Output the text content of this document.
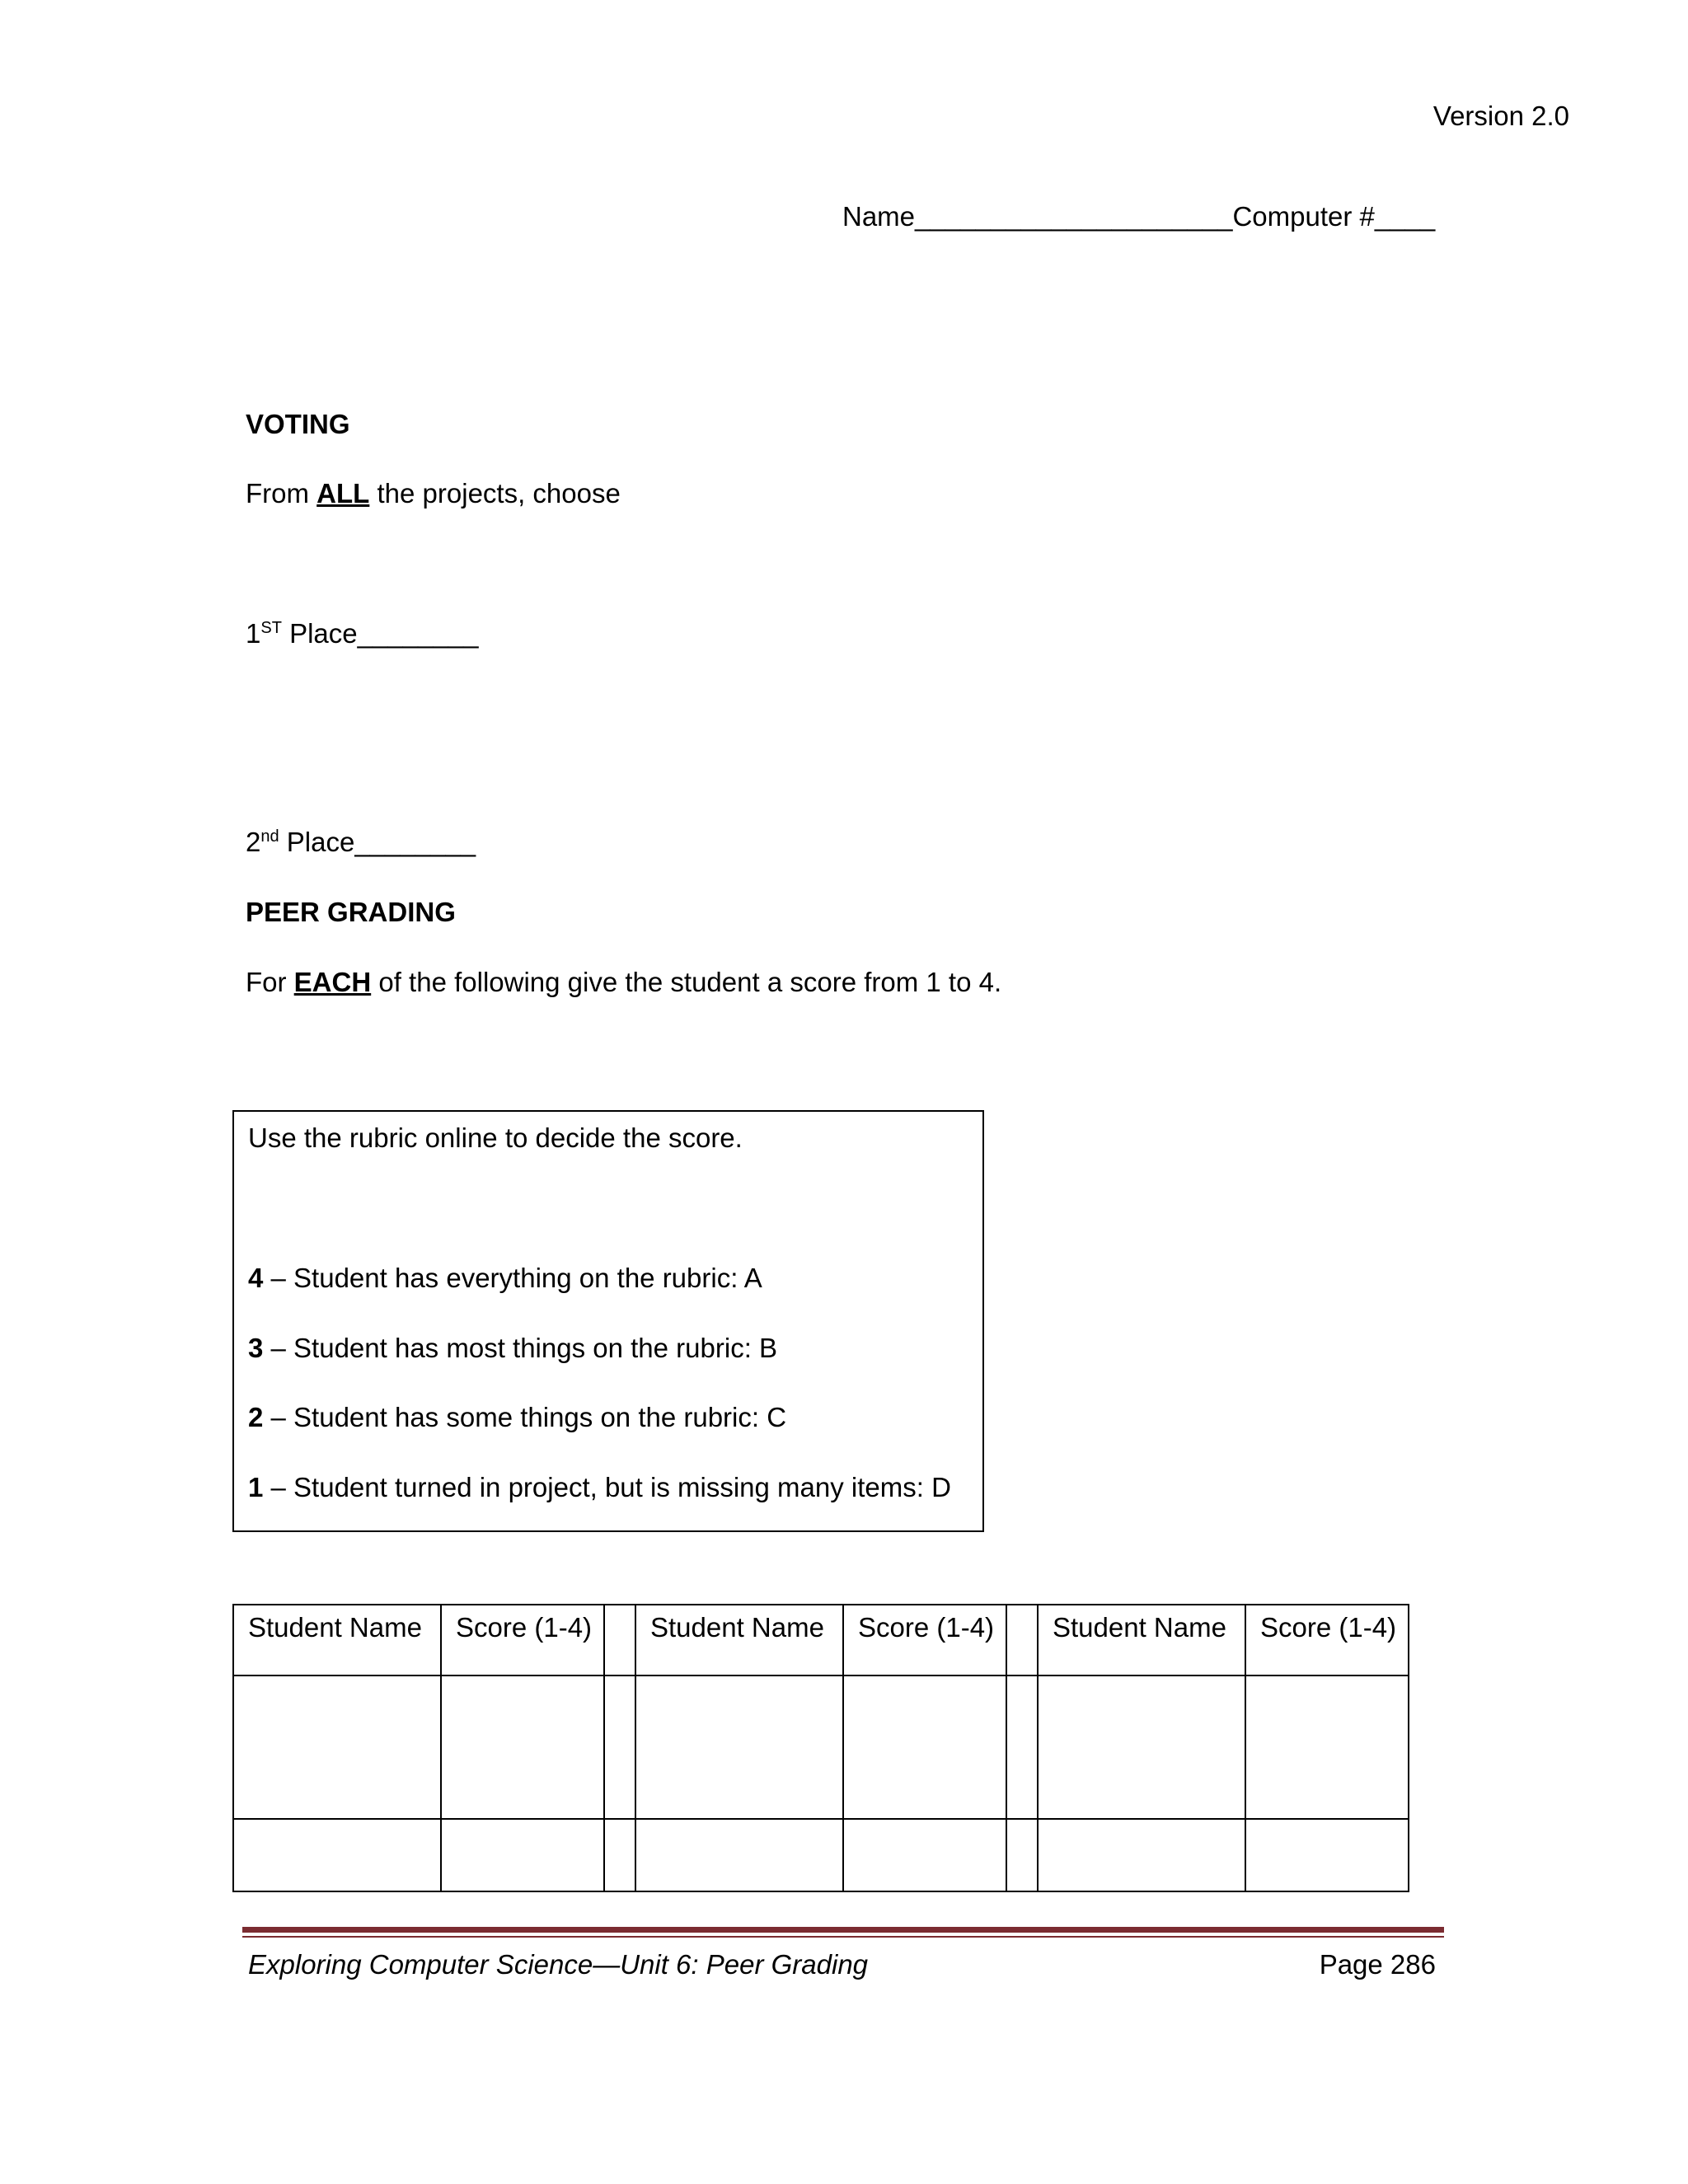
Version 2.0
Name_____________________Computer #____
VOTING
From ALL the projects, choose
1ST Place________
2nd Place________
PEER GRADING
For EACH of the following give the student a score from 1 to 4.
Use the rubric online to decide the score.
4 – Student has everything on the rubric: A
3 – Student has most things on the rubric: B
2 – Student has some things on the rubric: C
1 – Student turned in project, but is missing many items: D
Student Name	Score (1-4)		Student Name	Score (1-4)		Student Name	Score (1-4)

Exploring Computer Science—Unit 6: Peer Grading	Page 286
